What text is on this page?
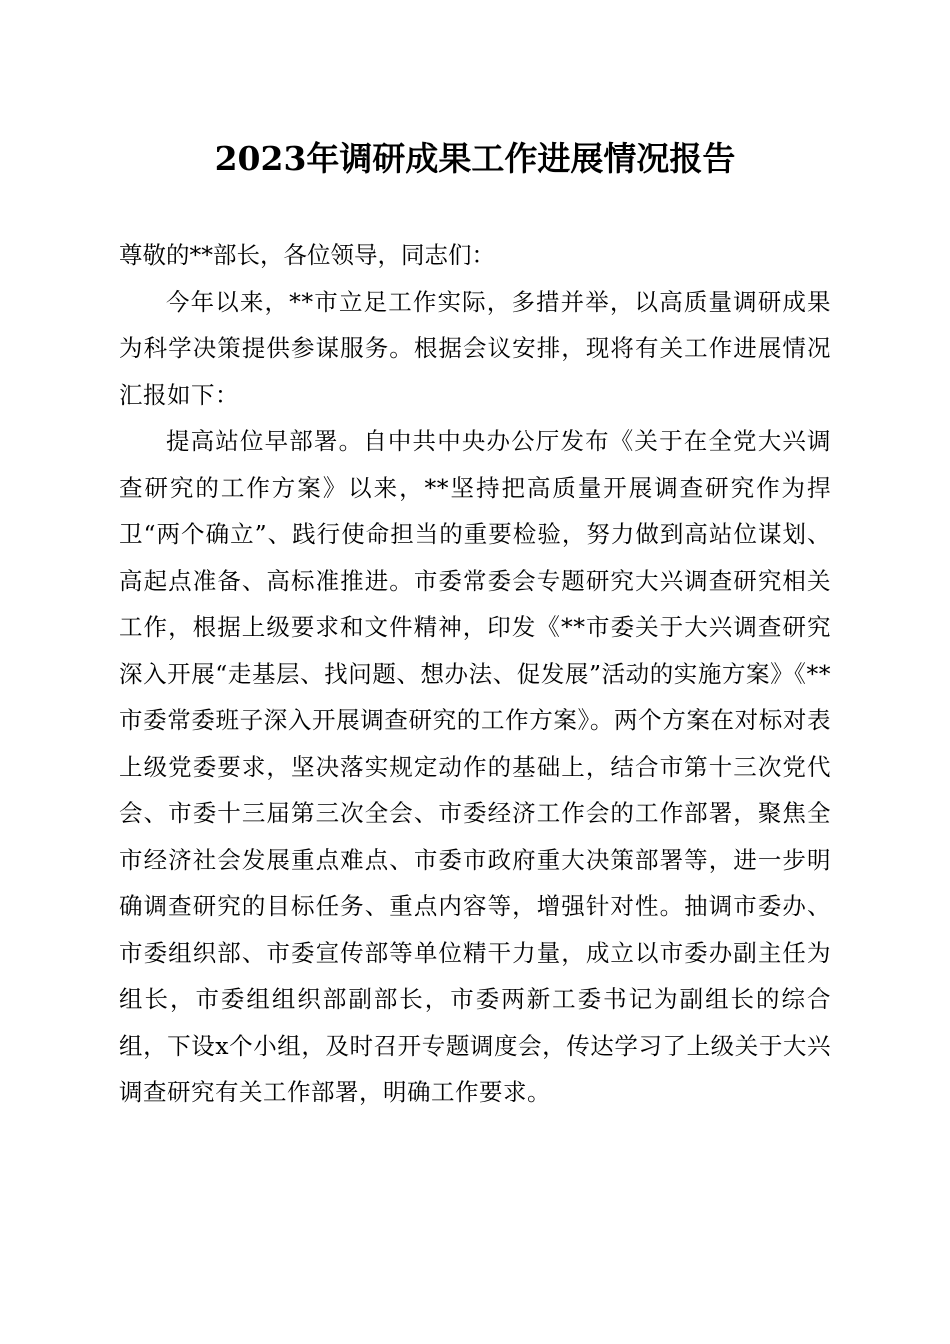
2023年调研成果工作进展情况报告

尊敬的**部长，各位领导，同志们：

今年以来，**市立足工作实际，多措并举，以高质量调研成果为科学决策提供参谋服务。根据会议安排，现将有关工作进展情况汇报如下：

提高站位早部署。自中共中央办公厅发布《关于在全党大兴调查研究的工作方案》以来，**坚持把高质量开展调查研究作为捍卫“两个确立”、践行使命担当的重要检验，努力做到高站位谋划、高起点准备、高标准推进。市委常委会专题研究大兴调查研究相关工作，根据上级要求和文件精神，印发《**市委关于大兴调查研究深入开展“走基层、找问题、想办法、促发展”活动的实施方案》《**市委常委班子深入开展调查研究的工作方案》。两个方案在对标对表上级党委要求，坚决落实规定动作的基础上，结合市第十三次党代会、市委十三届第三次全会、市委经济工作会的工作部署，聚焦全市经济社会发展重点难点、市委市政府重大决策部署等，进一步明确调查研究的目标任务、重点内容等，增强针对性。抽调市委办、市委组织部、市委宣传部等单位精干力量，成立以市委办副主任为组长，市委组组织部副部长，市委两新工委书记为副组长的综合组，下设x个小组，及时召开专题调度会，传达学习了上级关于大兴调查研究有关工作部署，明确工作要求。
